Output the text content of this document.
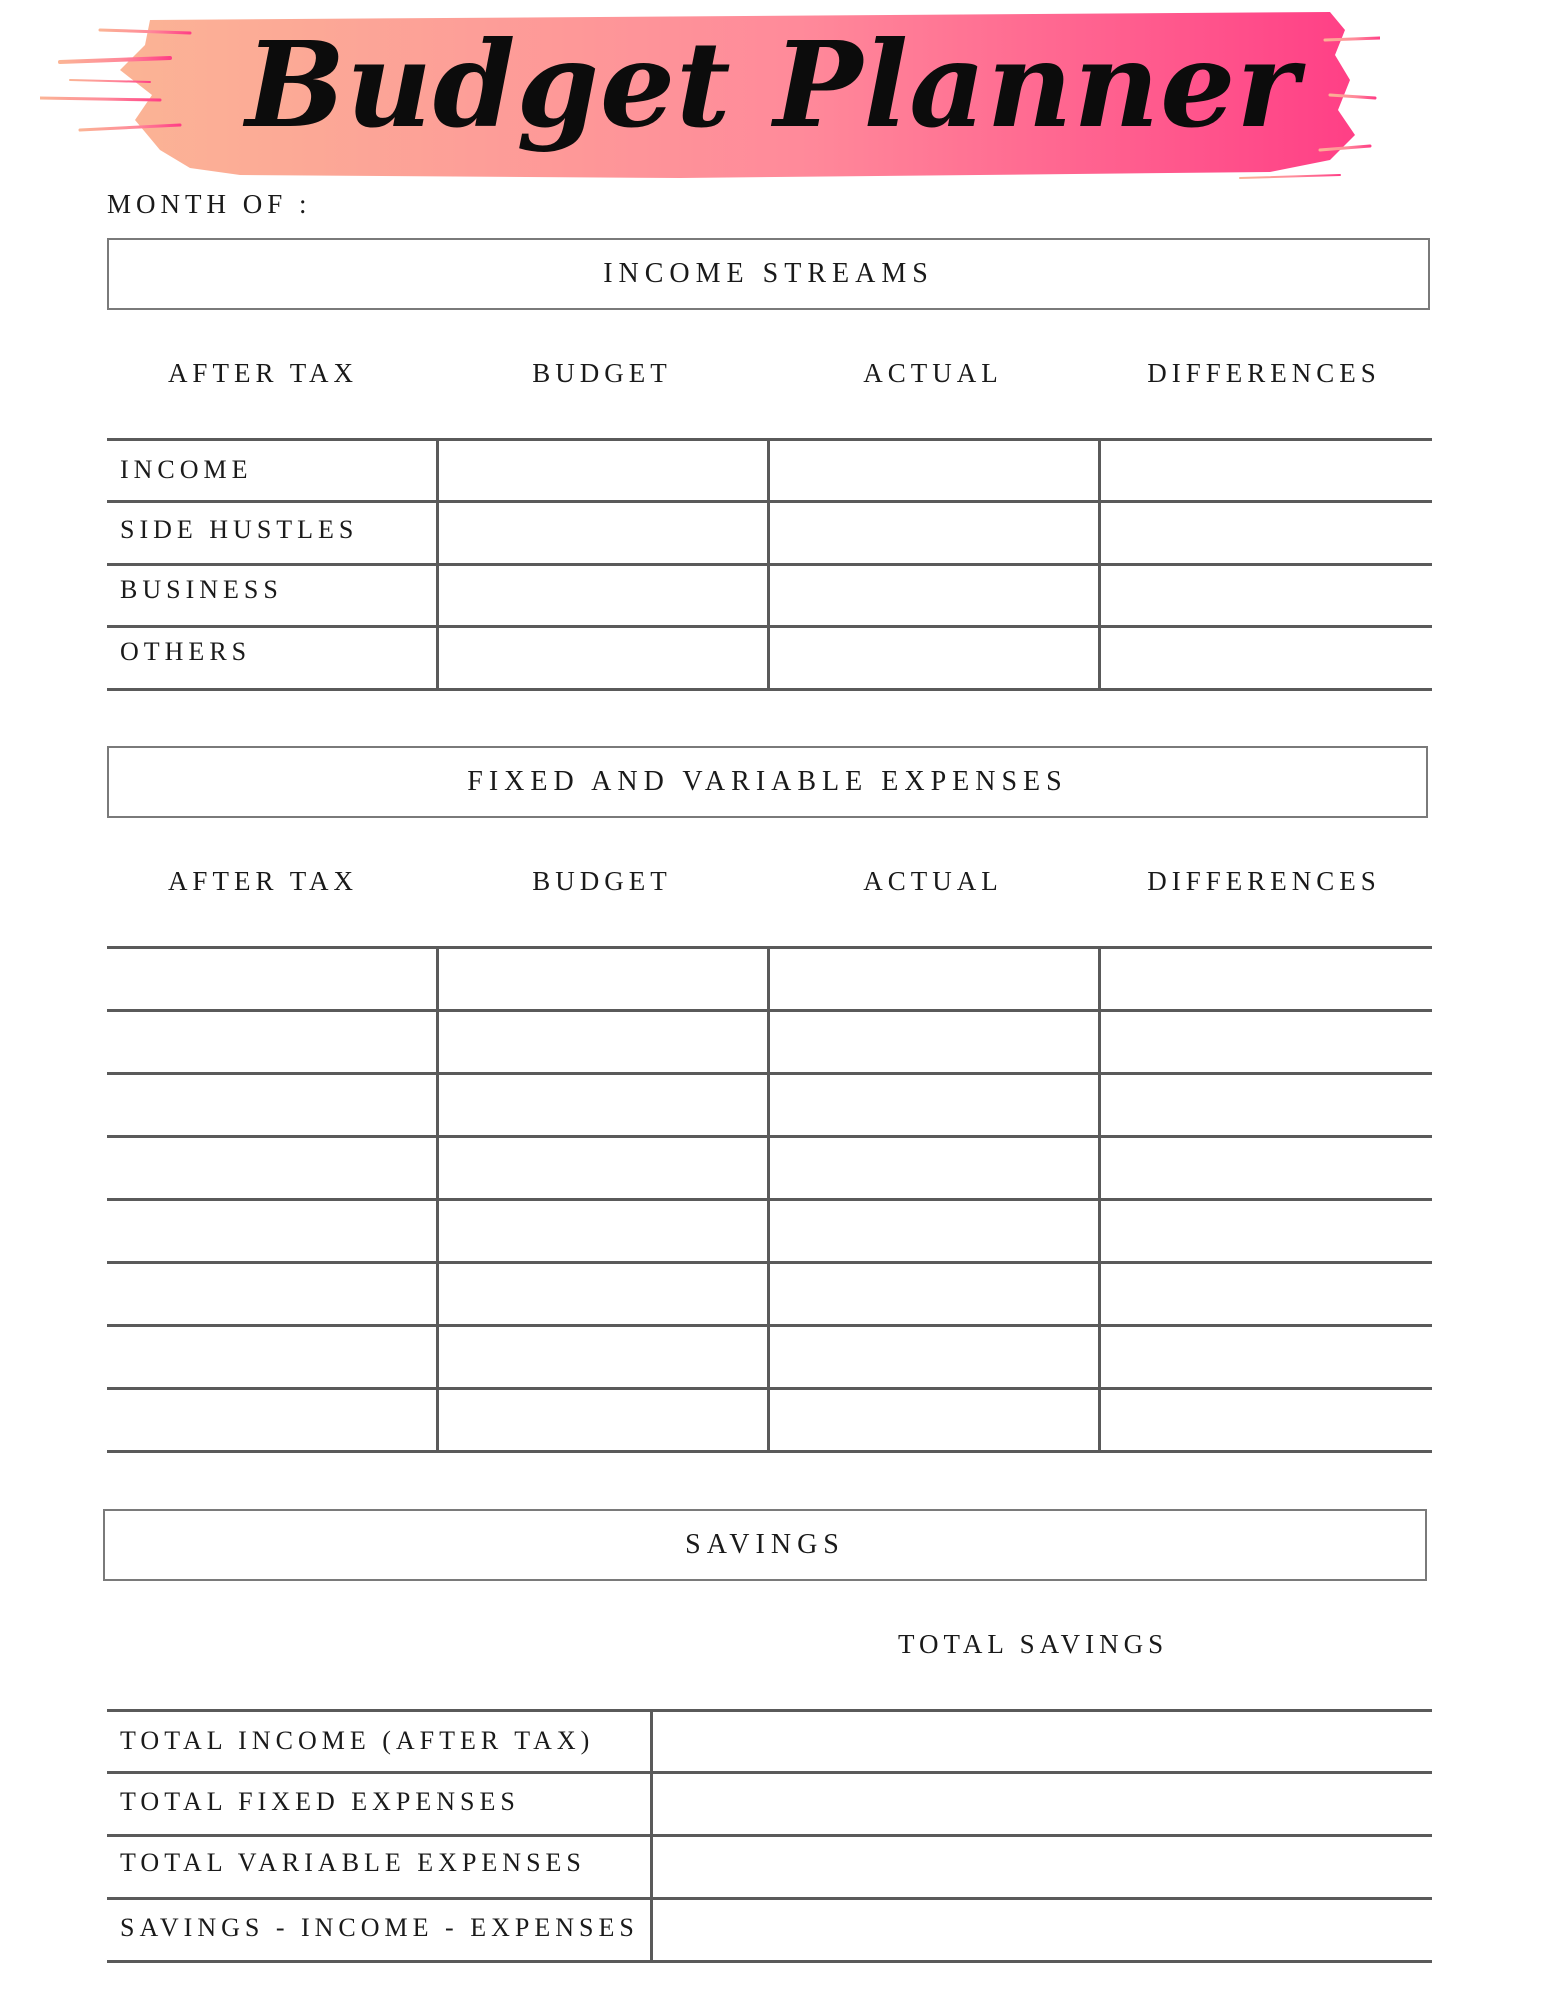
Budget Planner
MONTH OF :
INCOME STREAMS
AFTER TAX	BUDGET	ACTUAL	DIFFERENCES
INCOME
SIDE HUSTLES
BUSINESS
OTHERS
FIXED AND VARIABLE EXPENSES
AFTER TAX	BUDGET	ACTUAL	DIFFERENCES
SAVINGS
TOTAL SAVINGS
TOTAL INCOME (AFTER TAX)
TOTAL FIXED EXPENSES
TOTAL VARIABLE EXPENSES
SAVINGS - INCOME - EXPENSES
